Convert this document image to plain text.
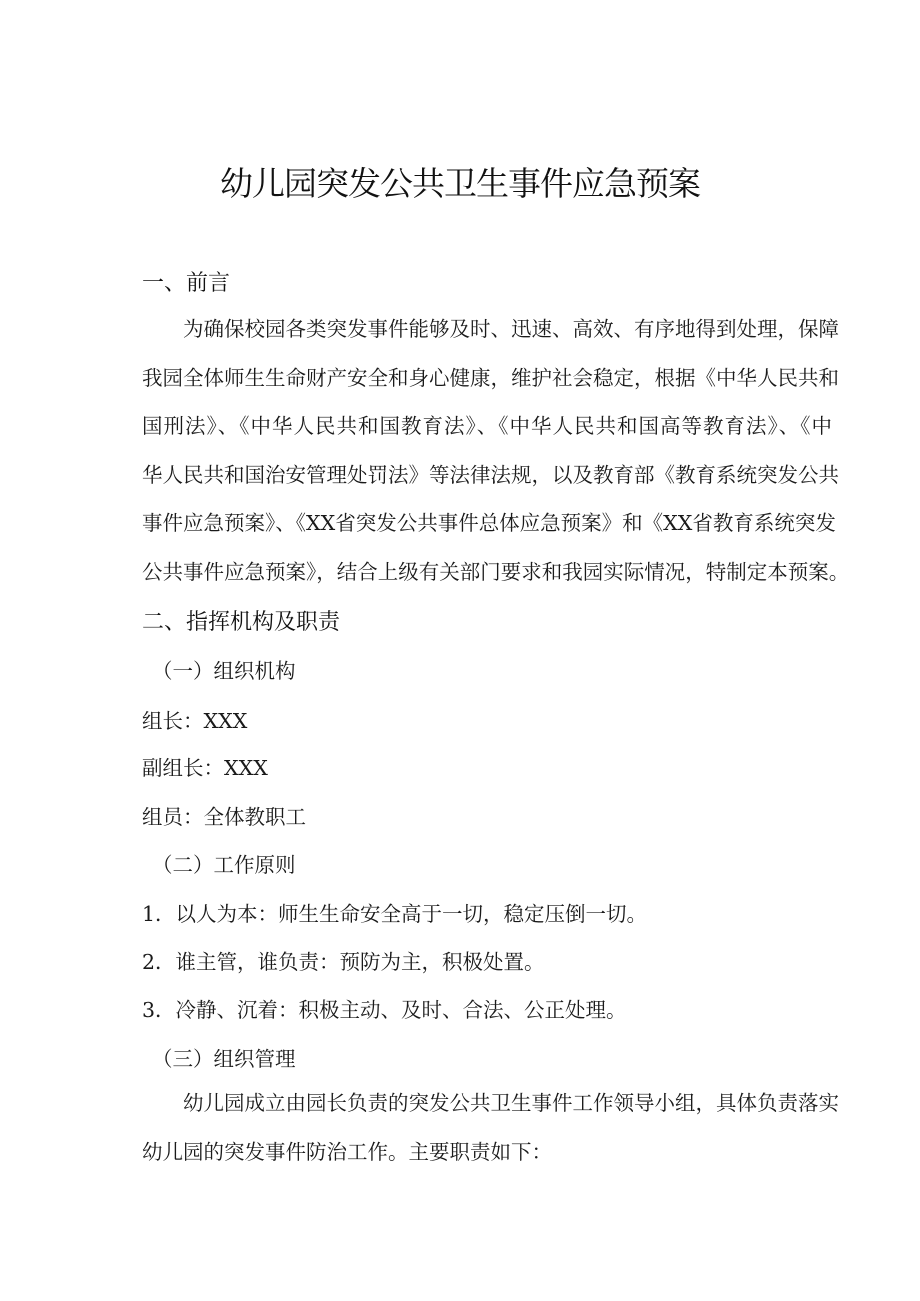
幼儿园突发公共卫生事件应急预案
一、前言
为确保校园各类突发事件能够及时、迅速、高效、有序地得到处理，保障
我园全体师生生命财产安全和身心健康，维护社会稳定，根据《中华人民共和
国刑法》、《中华人民共和国教育法》、《中华人民共和国高等教育法》、《中
华人民共和国治安管理处罚法》等法律法规，以及教育部《教育系统突发公共
事件应急预案》、《XX省突发公共事件总体应急预案》和《XX省教育系统突发
公共事件应急预案》，结合上级有关部门要求和我园实际情况，特制定本预案。
二、指挥机构及职责
（一）组织机构
组长：XXX
副组长：XXX
组员：全体教职工
（二）工作原则
1．以人为本：师生生命安全高于一切，稳定压倒一切。
2．谁主管，谁负责：预防为主，积极处置。
3．冷静、沉着：积极主动、及时、合法、公正处理。
（三）组织管理
幼儿园成立由园长负责的突发公共卫生事件工作领导小组，具体负责落实
幼儿园的突发事件防治工作。主要职责如下：
